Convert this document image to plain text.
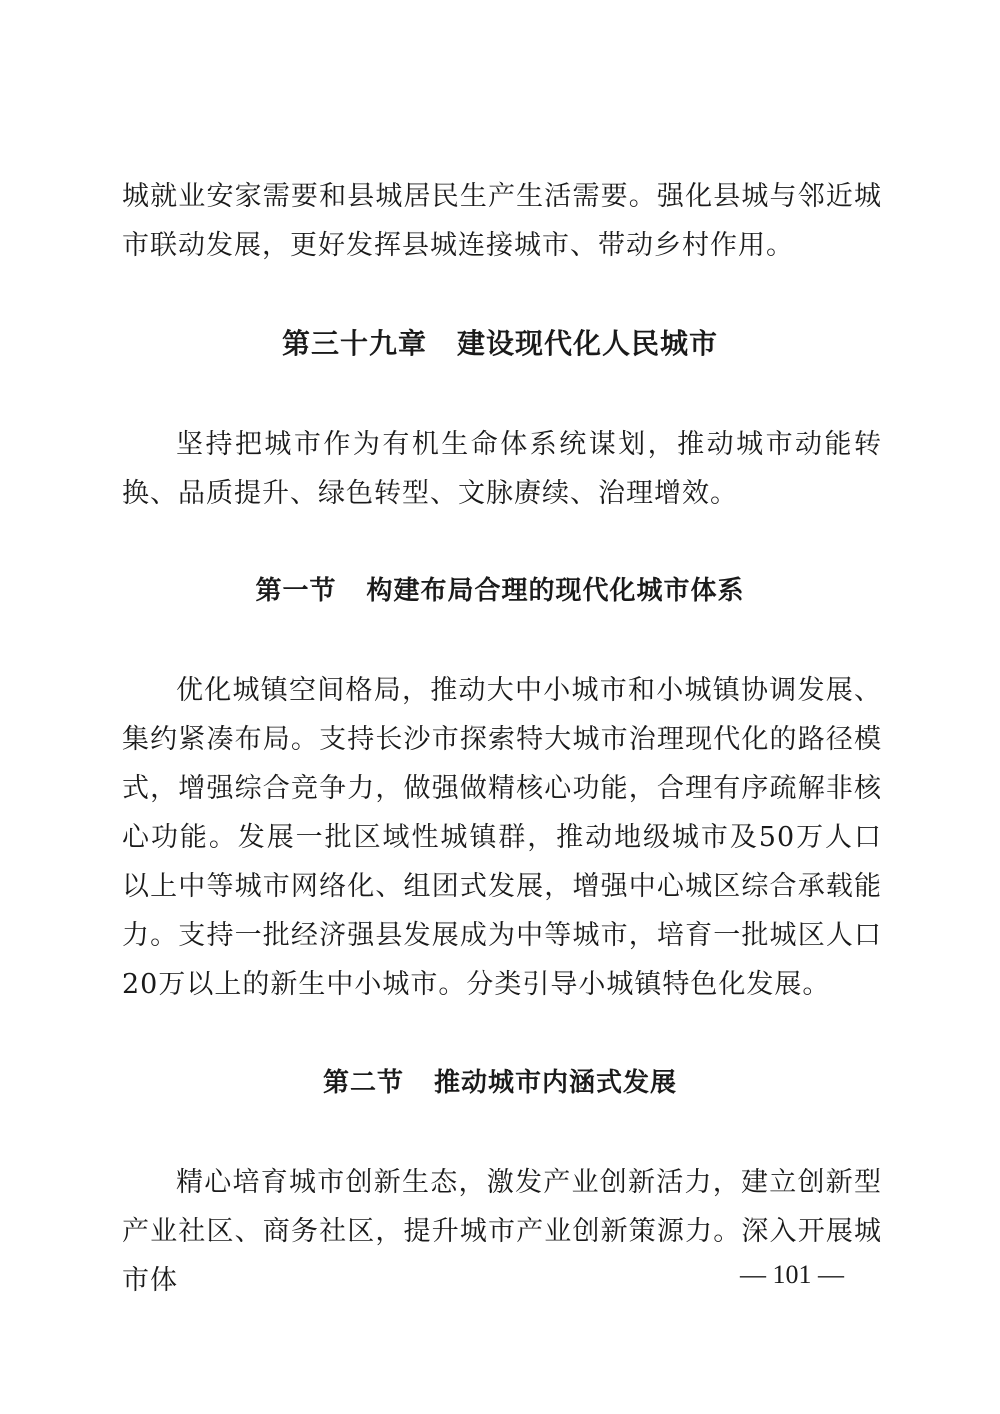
城就业安家需要和县城居民生产生活需要。强化县城与邻近城市联动发展，更好发挥县城连接城市、带动乡村作用。

第三十九章 建设现代化人民城市

坚持把城市作为有机生命体系统谋划，推动城市动能转换、品质提升、绿色转型、文脉赓续、治理增效。

第一节 构建布局合理的现代化城市体系

优化城镇空间格局，推动大中小城市和小城镇协调发展、集约紧凑布局。支持长沙市探索特大城市治理现代化的路径模式，增强综合竞争力，做强做精核心功能，合理有序疏解非核心功能。发展一批区域性城镇群，推动地级城市及50万人口以上中等城市网络化、组团式发展，增强中心城区综合承载能力。支持一批经济强县发展成为中等城市，培育一批城区人口20万以上的新生中小城市。分类引导小城镇特色化发展。

第二节 推动城市内涵式发展

精心培育城市创新生态，激发产业创新活力，建立创新型产业社区、商务社区，提升城市产业创新策源力。深入开展城市体	— 101 —
